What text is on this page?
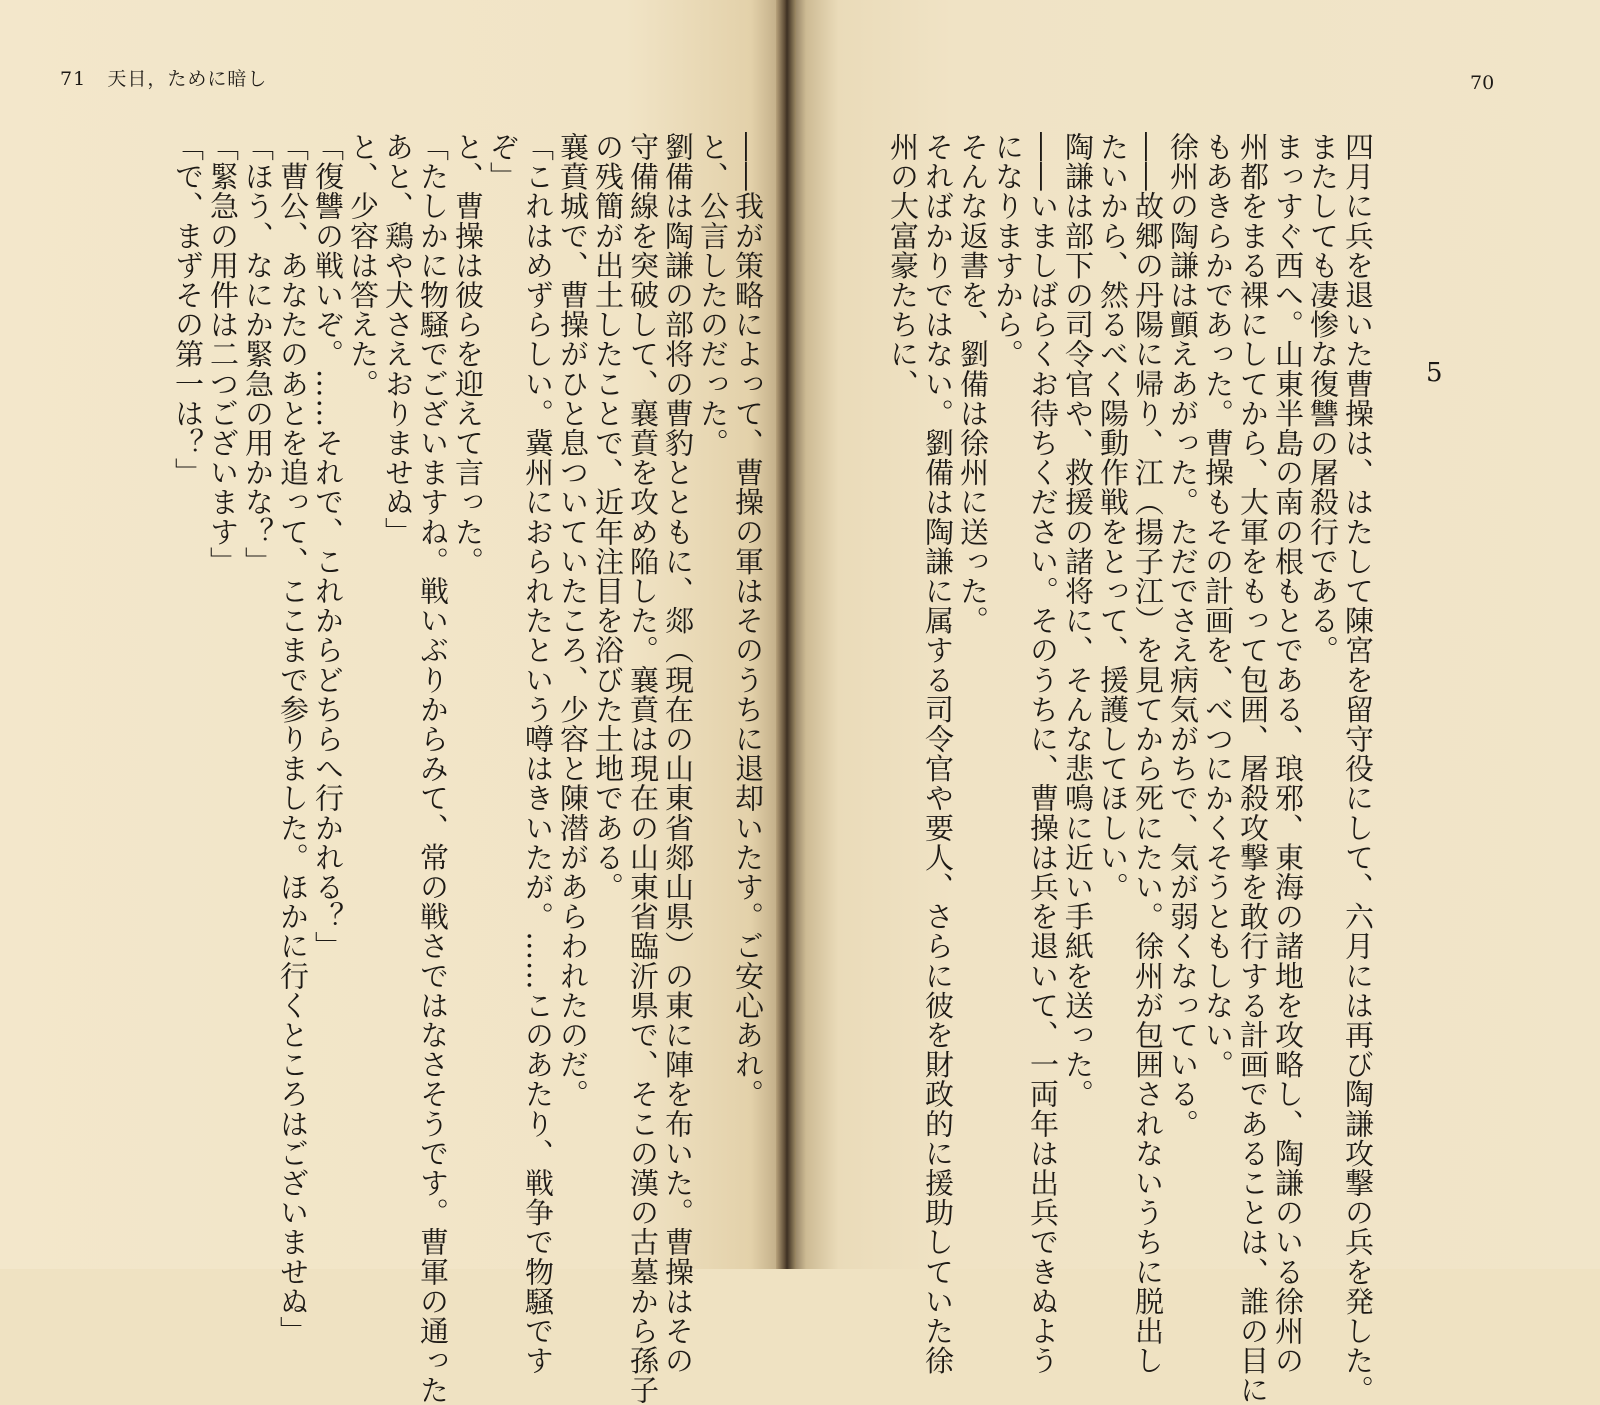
71 天日，ために暗し
――我が策略によって、曹操の軍はそのうちに退却いたす。ご安心あれ。
と、公言したのだった。
劉備は陶謙の部将の曹豹とともに、郯（現在の山東省郯山県）の東に陣を布いた。曹操はその
守備線を突破して、襄賁を攻め陥した。襄賁は現在の山東省臨沂県で、そこの漢の古墓から孫子
の残簡が出土したことで、近年注目を浴びた土地である。
襄賁城で、曹操がひと息ついていたころ、少容と陳潜があらわれたのだ。
「これはめずらしい。冀州におられたという噂はきいたが。……このあたり、戦争で物騒です
ぞ」
と、曹操は彼らを迎えて言った。
「たしかに物騒でございますね。戦いぶりからみて、常の戦さではなさそうです。曹軍の通った
あと、鶏や犬さえおりませぬ」
と、少容は答えた。
「復讐の戦いぞ。……それで、これからどちらへ行かれる？」
「曹公、あなたのあとを追って、ここまで参りました。ほかに行くところはございませぬ」
「ほう、なにか緊急の用かな？」
「緊急の用件は二つございます」
「で、まずその第一は？」
70
5
四月に兵を退いた曹操は、はたして陳宮を留守役にして、六月には再び陶謙攻撃の兵を発した。
またしても凄惨な復讐の屠殺行である。
まっすぐ西へ。山東半島の南の根もとである、琅邪、東海の諸地を攻略し、陶謙のいる徐州の
州都をまる裸にしてから、大軍をもって包囲、屠殺攻撃を敢行する計画であることは、誰の目に
もあきらかであった。曹操もその計画を、べつにかくそうともしない。
徐州の陶謙は顫えあがった。ただでさえ病気がちで、気が弱くなっている。
――故郷の丹陽に帰り、江（揚子江）を見てから死にたい。徐州が包囲されないうちに脱出し
たいから、然るべく陽動作戦をとって、援護してほしい。
陶謙は部下の司令官や、救援の諸将に、そんな悲鳴に近い手紙を送った。
――いましばらくお待ちください。そのうちに、曹操は兵を退いて、一両年は出兵できぬよう
になりますから。
そんな返書を、劉備は徐州に送った。
そればかりではない。劉備は陶謙に属する司令官や要人、さらに彼を財政的に援助していた徐
州の大富豪たちに、
